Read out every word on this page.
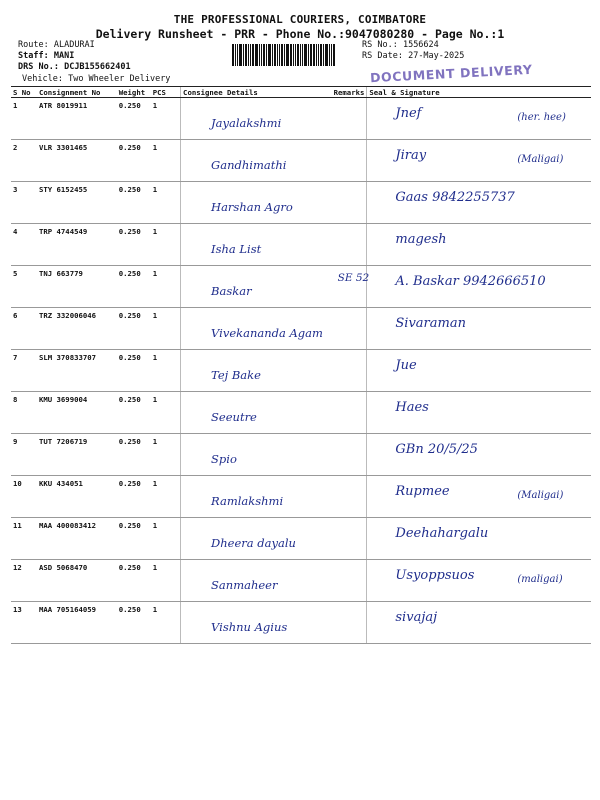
THE PROFESSIONAL COURIERS, COIMBATORE
Delivery Runsheet - PRR - Phone No.:9047080280 - Page No.:1
Route: ALADURAI
Staff: MANI
DRS No.: DCJB155662401
RS No.: 1556624
RS Date: 27-May-2025
Vehicle: Two Wheeler Delivery	DOCUMENT DELIVERY
S No	Consignment No	Weight	PCS	Consignee Details	Remarks	Seal & Signature
1	ATR 8019911	0.250	1	Jayalakshmi		Jnef (her. hee)

2	VLR 3301465	0.250	1	Gandhimathi		Jiray (Maligai)

3	STY 6152455	0.250	1	Harshan Agro		Gaas 9842255737

4	TRP 4744549	0.250	1	Isha List		magesh

5	TNJ 663779	0.250	1	Baskar	SE 52	A. Baskar 9942666510

6	TRZ 332006046	0.250	1	Vivekananda Agam		Sivaraman

7	SLM 370833707	0.250	1	Tej Bake		Jue

8	KMU 3699004	0.250	1	Seeutre		Haes

9	TUT 7206719	0.250	1	Spio		GBn 20/5/25

10	KKU 434051	0.250	1	Ramlakshmi		Rupmee (Maligai)

11	MAA 400083412	0.250	1	Dheera dayalu		Deehahargalu

12	ASD 5068470	0.250	1	Sanmaheer		Usyoppsuos (maligai)

13	MAA 705164059	0.250	1	Vishnu Agius		sivajaj
